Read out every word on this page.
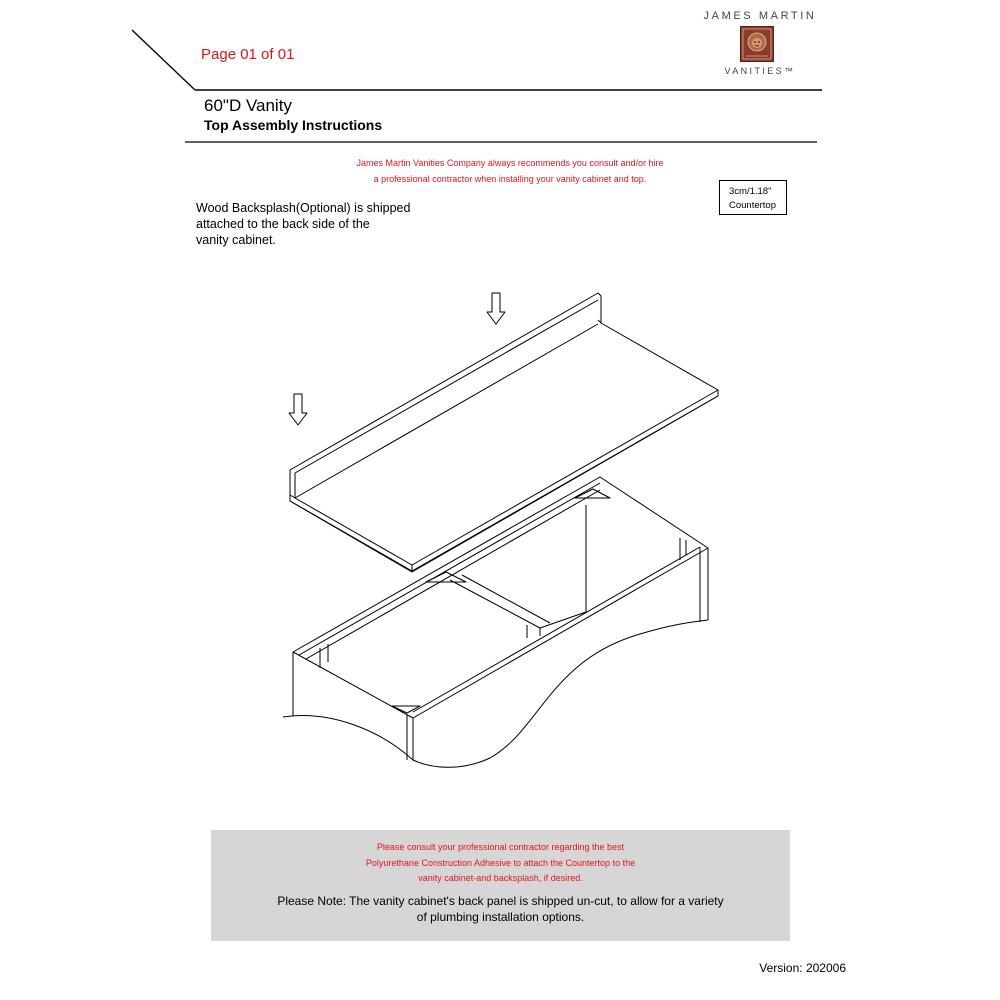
Page 01 of 01
JAMES MARTIN
VANITIES™
60"D Vanity
Top Assembly Instructions
James Martin Vanities Company always recommends you consult and/or hire
a professional contractor when installing your vanity cabinet and top.
3cm/1.18"
Countertop
Wood Backsplash(Optional) is shipped
attached to the back side of the
vanity cabinet.
Please consult your professional contractor regarding the best
Polyurethane Construction Adhesive to attach the Countertop to the
vanity cabinet-and backsplash, if desired.
Please Note: The vanity cabinet's back panel is shipped un-cut, to allow for a variety
of plumbing installation options.
Version: 202006
